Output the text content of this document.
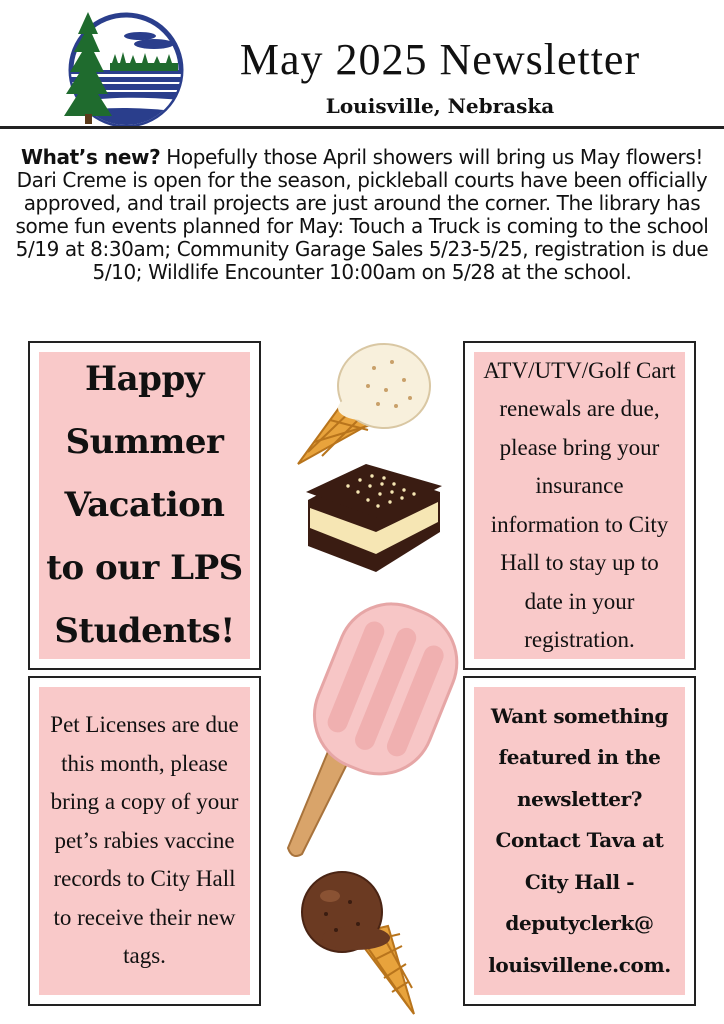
May 2025 Newsletter
Louisville, Nebraska
What’s new? Hopefully those April showers will bring us May flowers! Dari Creme is open for the season, pickleball courts have been officially approved, and trail projects are just around the corner. The library has some fun events planned for May: Touch a Truck is coming to the school 5/19 at 8:30am; Community Garage Sales 5/23-5/25, registration is due 5/10; Wildlife Encounter 10:00am on 5/28 at the school.
Happy Summer Vacation to our LPS Students!
ATV/UTV/Golf Cart renewals are due, please bring your insurance information to City Hall to stay up to date in your registration.
Pet Licenses are due this month, please bring a copy of your pet’s rabies vaccine records to City Hall to receive their new tags.
Want something featured in the newsletter? Contact Tava at City Hall - deputyclerk@ louisvillene.com.
